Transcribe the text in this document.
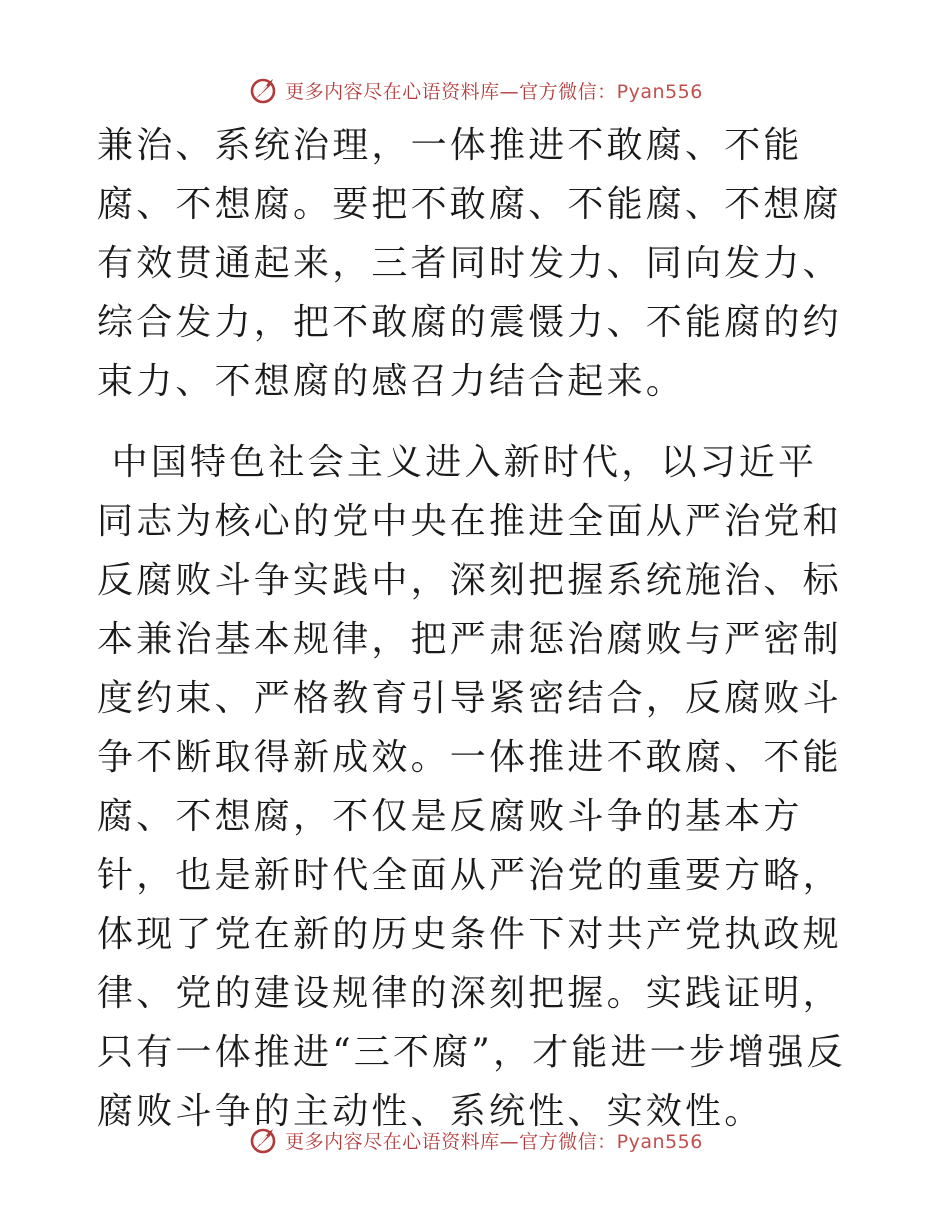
更多内容尽在心语资料库—官方微信：Pyan556

兼治、系统治理，一体推进不敢腐、不能腐、不想腐。要把不敢腐、不能腐、不想腐有效贯通起来，三者同时发力、同向发力、综合发力，把不敢腐的震慑力、不能腐的约束力、不想腐的感召力结合起来。

中国特色社会主义进入新时代，以习近平同志为核心的党中央在推进全面从严治党和反腐败斗争实践中，深刻把握系统施治、标本兼治基本规律，把严肃惩治腐败与严密制度约束、严格教育引导紧密结合，反腐败斗争不断取得新成效。一体推进不敢腐、不能腐、不想腐，不仅是反腐败斗争的基本方针，也是新时代全面从严治党的重要方略，体现了党在新的历史条件下对共产党执政规律、党的建设规律的深刻把握。实践证明，只有一体推进“三不腐”，才能进一步增强反腐败斗争的主动性、系统性、实效性。

更多内容尽在心语资料库—官方微信：Pyan556
